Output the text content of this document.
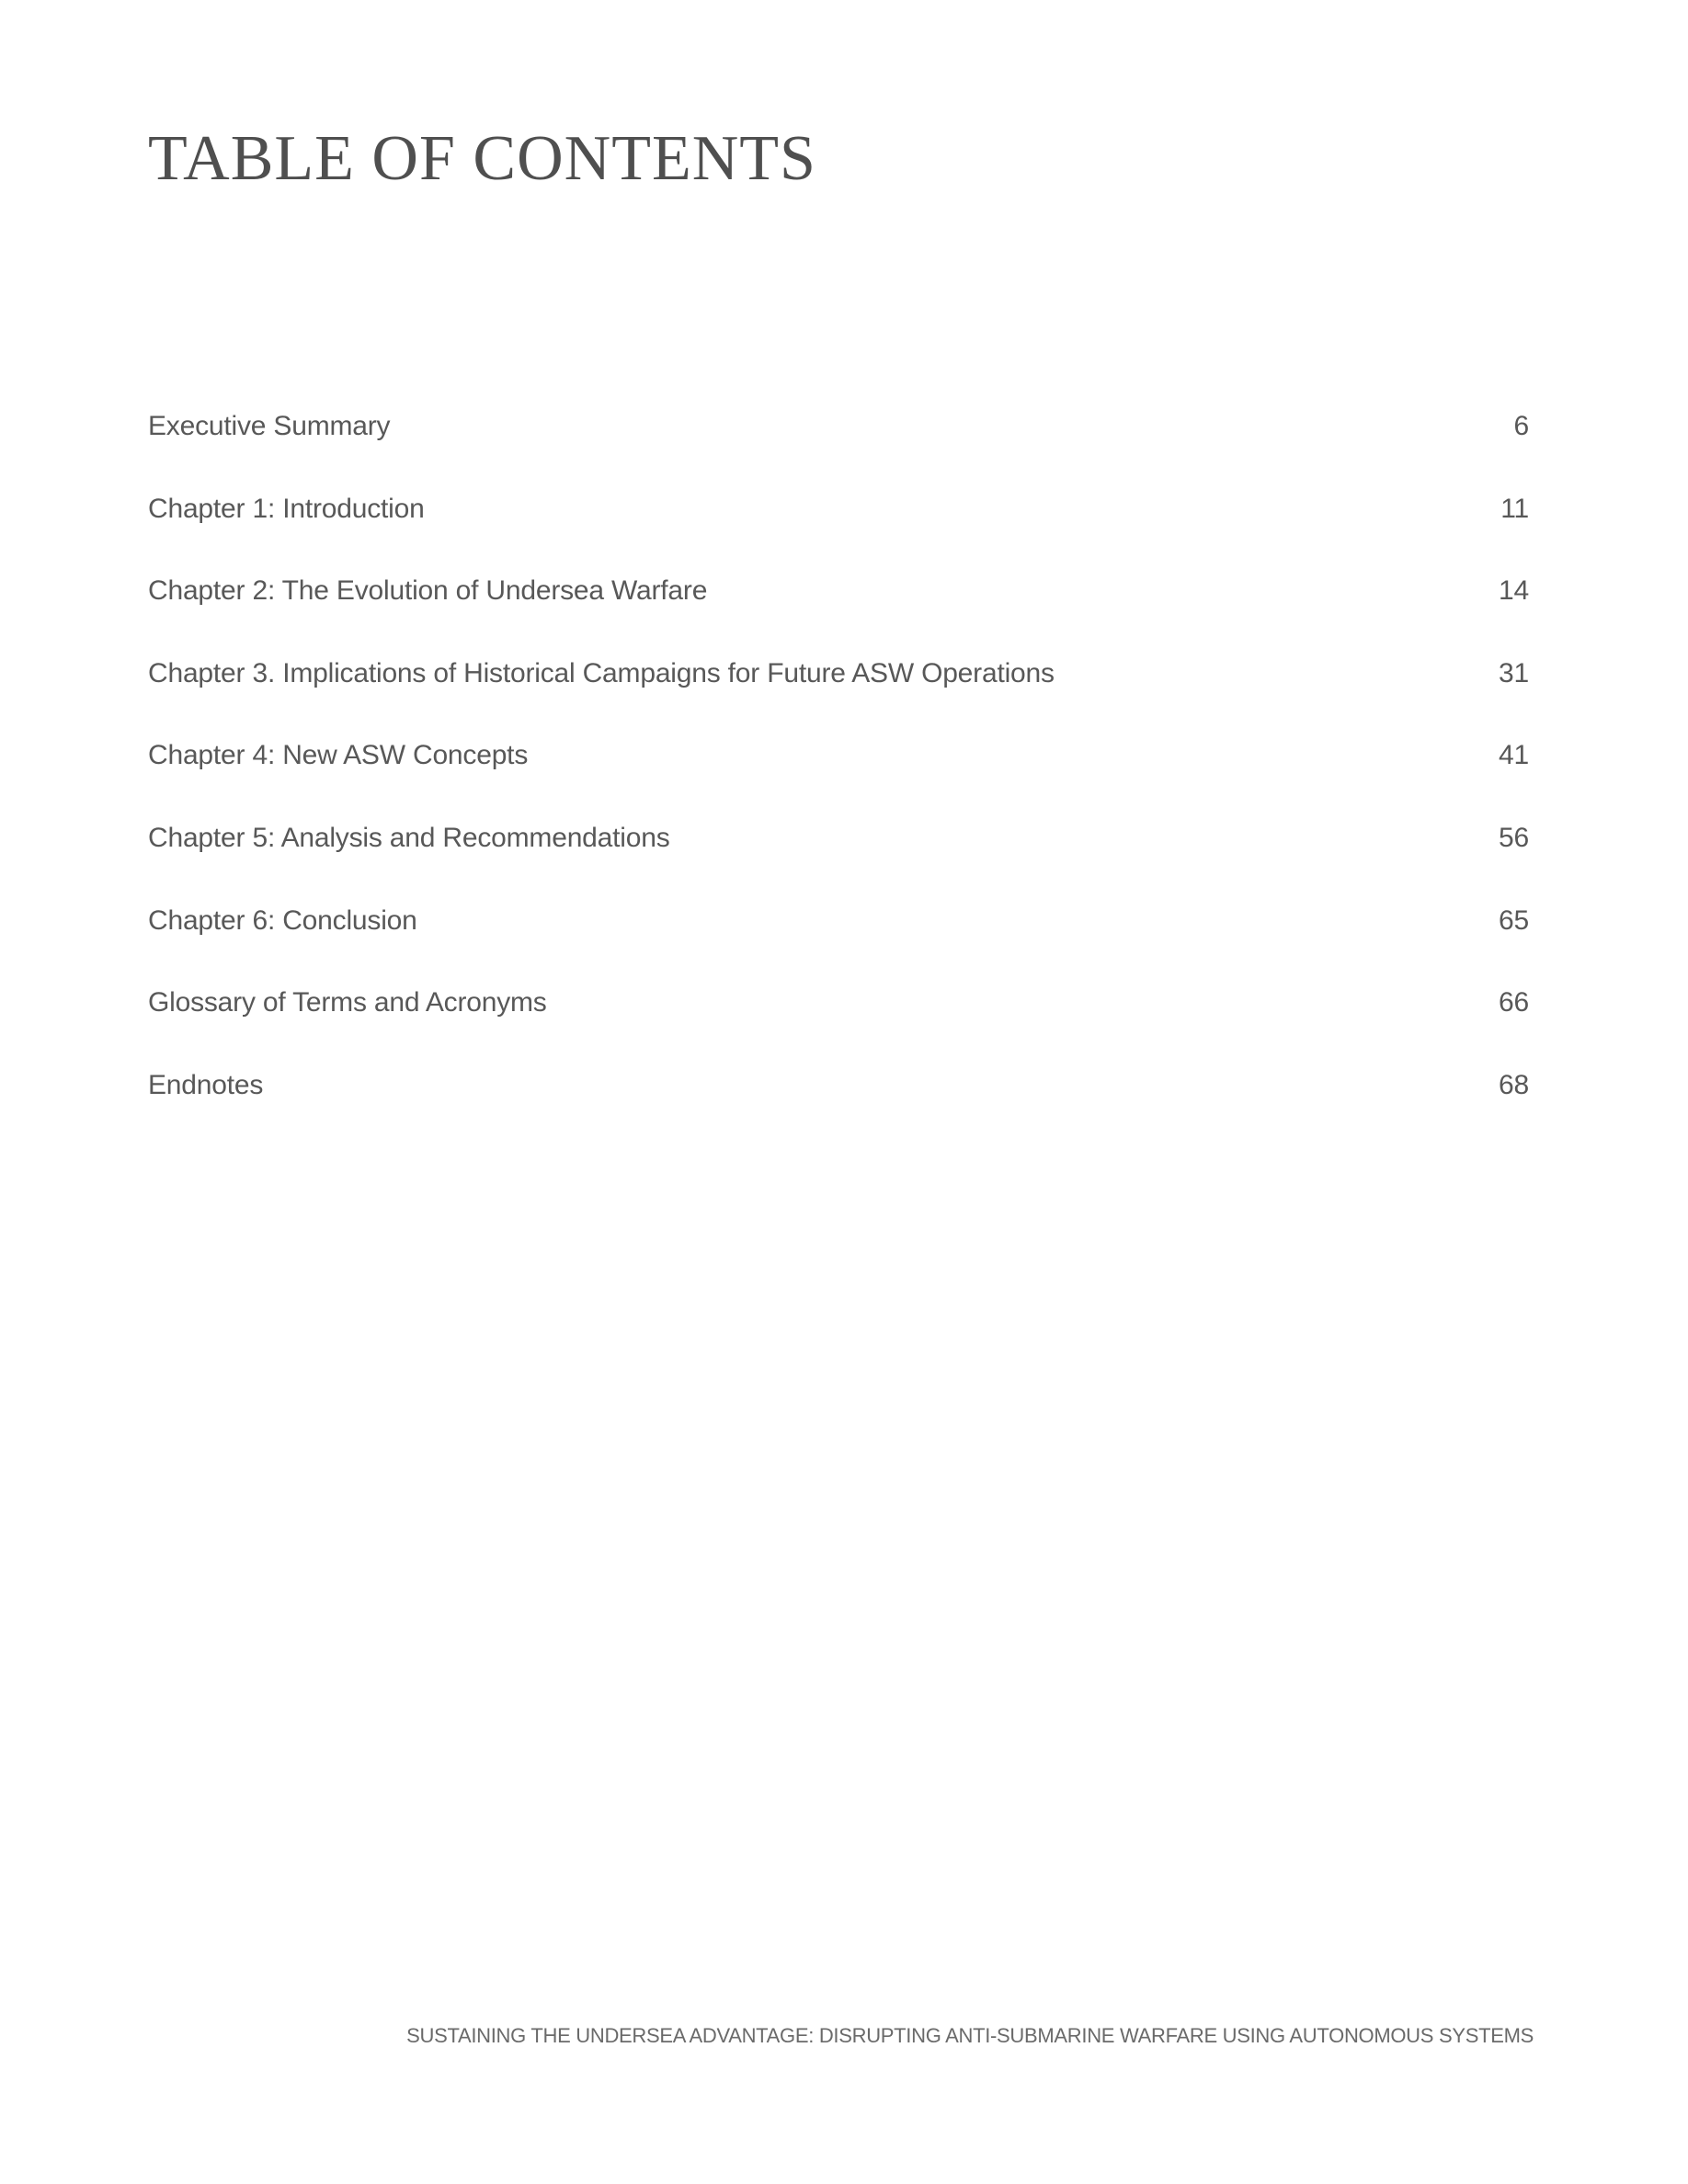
TABLE OF CONTENTS
Executive Summary	6
Chapter 1: Introduction	11
Chapter 2: The Evolution of Undersea Warfare	14
Chapter 3. Implications of Historical Campaigns for Future ASW Operations	31
Chapter 4: New ASW Concepts	41
Chapter 5: Analysis and Recommendations	56
Chapter 6: Conclusion	65
Glossary of Terms and Acronyms	66
Endnotes	68
SUSTAINING THE UNDERSEA ADVANTAGE: DISRUPTING ANTI-SUBMARINE WARFARE USING AUTONOMOUS SYSTEMS
